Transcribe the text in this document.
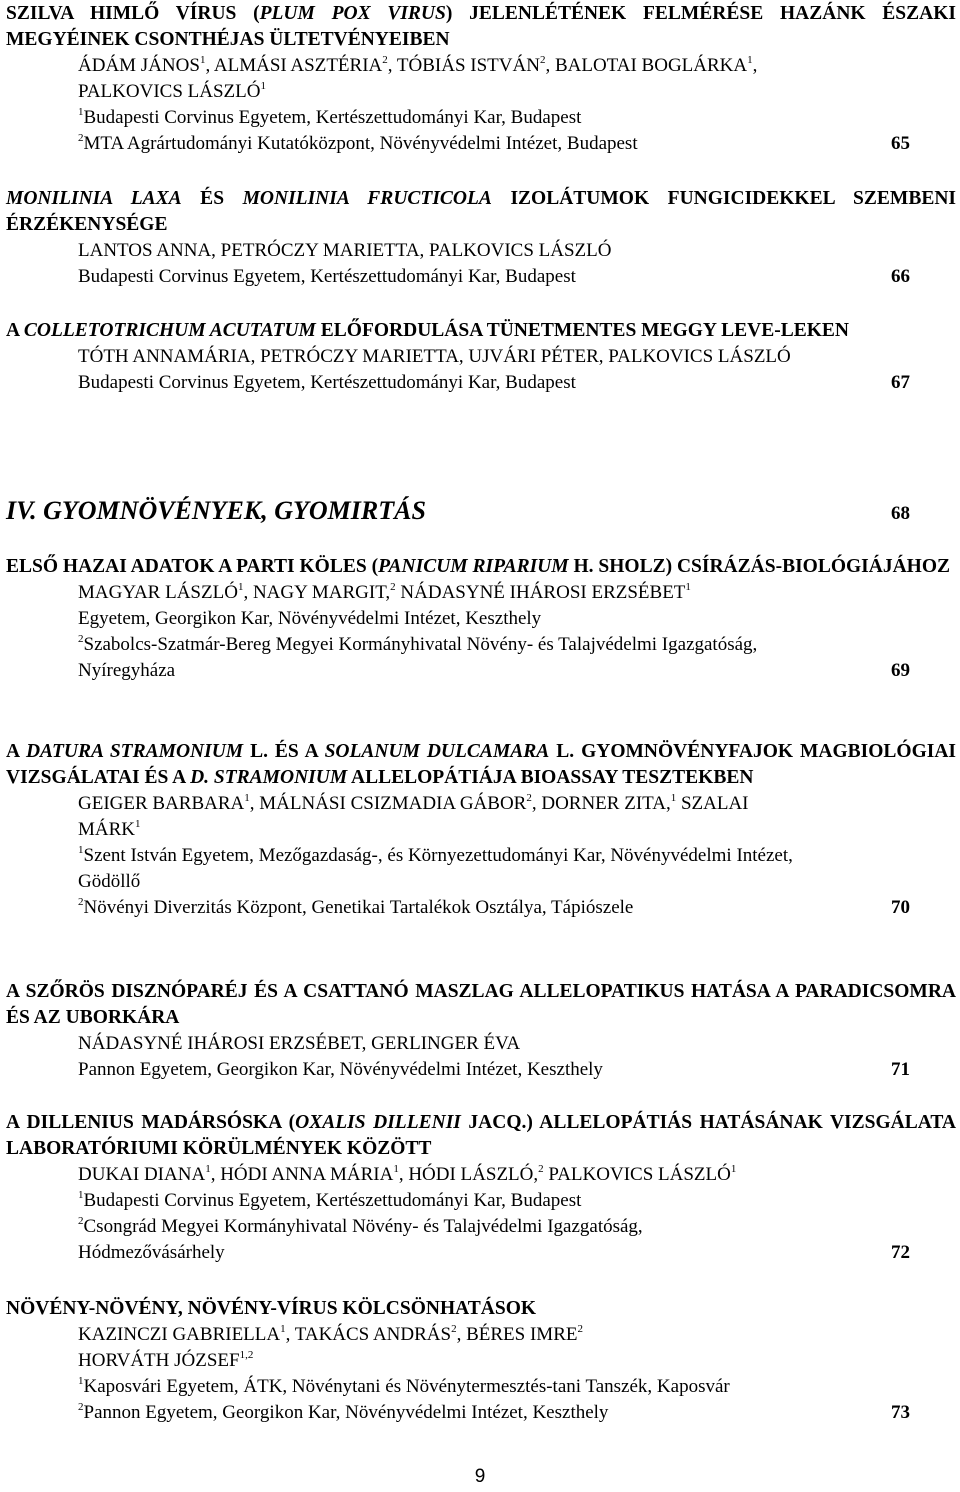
SZILVA HIMLŐ VÍRUS (PLUM POX VIRUS) JELENLÉTÉNEK FELMÉRÉSE HAZÁNK ÉSZAKI MEGYÉINEK CSONTHÉJAS ÜLTETVÉNYEIBEN
ÁDÁM JÁNOS$^1$, ALMÁSI ASZTÉRIA$^2$, TÓBIÁS ISTVÁN$^2$, BALOTAI BOGLÁRKA$^1$,
PALKOVICS LÁSZLÓ$^1$
$^1$Budapesti Corvinus Egyetem, Kertészettudományi Kar, Budapest
$^2$MTA Agrártudományi Kutatóközpont, Növényvédelmi Intézet, Budapest	65
MONILINIA LAXA ÉS MONILINIA FRUCTICOLA IZOLÁTUMOK FUNGICIDEKKEL SZEMBENI ÉRZÉKENYSÉGE
LANTOS ANNA, PETRÓCZY MARIETTA, PALKOVICS LÁSZLÓ
Budapesti Corvinus Egyetem, Kertészettudományi Kar, Budapest	66
A COLLETOTRICHUM ACUTATUM ELŐFORDULÁSA TÜNETMENTES MEGGY LEVE-LEKEN
TÓTH ANNAMÁRIA, PETRÓCZY MARIETTA, UJVÁRI PÉTER, PALKOVICS LÁSZLÓ
Budapesti Corvinus Egyetem, Kertészettudományi Kar, Budapest	67
IV. GYOMNÖVÉNYEK, GYOMIRTÁS	68
ELSŐ HAZAI ADATOK A PARTI KÖLES (PANICUM RIPARIUM H. SHOLZ) CSÍRÁZÁS-BIOLÓGIÁJÁHOZ
MAGYAR LÁSZLÓ$^1$, NAGY MARGIT,$^2$ NÁDASYNÉ IHÁROSI ERZSÉBET$^1$
Egyetem, Georgikon Kar, Növényvédelmi Intézet, Keszthely
$^2$Szabolcs-Szatmár-Bereg Megyei Kormányhivatal Növény- és Talajvédelmi Igazgatóság,
Nyíregyháza	69
A DATURA STRAMONIUM L. ÉS A SOLANUM DULCAMARA L. GYOMNÖVÉNYFAJOK MAGBIOLÓGIAI VIZSGÁLATAI ÉS A D. STRAMONIUM ALLELOPÁTIÁJA BIOASSAY TESZTEKBEN
GEIGER BARBARA$^1$, MÁLNÁSI CSIZMADIA GÁBOR$^2$, DORNER ZITA,$^1$ SZALAI
MÁRK$^1$
$^1$Szent István Egyetem, Mezőgazdaság-, és Környezettudományi Kar, Növényvédelmi Intézet,
Gödöllő
$^2$Növényi Diverzitás Központ, Genetikai Tartalékok Osztálya, Tápiószele	70
A SZŐRÖS DISZNÓPARÉJ ÉS A CSATTANÓ MASZLAG ALLELOPATIKUS HATÁSA A PARADICSOMRA ÉS AZ UBORKÁRA
NÁDASYNÉ IHÁROSI ERZSÉBET, GERLINGER ÉVA
Pannon Egyetem, Georgikon Kar, Növényvédelmi Intézet, Keszthely	71
A DILLENIUS MADÁRSÓSKA (OXALIS DILLENII JACQ.) ALLELOPÁTIÁS HATÁSÁNAK VIZSGÁLATA LABORATÓRIUMI KÖRÜLMÉNYEK KÖZÖTT
DUKAI DIANA$^1$, HÓDI ANNA MÁRIA$^1$, HÓDI LÁSZLÓ,$^2$ PALKOVICS LÁSZLÓ$^1$
$^1$Budapesti Corvinus Egyetem, Kertészettudományi Kar, Budapest
$^2$Csongrád Megyei Kormányhivatal Növény- és Talajvédelmi Igazgatóság,
Hódmezővásárhely	72
NÖVÉNY-NÖVÉNY, NÖVÉNY-VÍRUS KÖLCSÖNHATÁSOK
KAZINCZI GABRIELLA$^1$, TAKÁCS ANDRÁS$^2$, BÉRES IMRE$^2$
HORVÁTH JÓZSEF$^{1,2}$
$^1$Kaposvári Egyetem, ÁTK, Növénytani és Növénytermesztés-tani Tanszék, Kaposvár
$^2$Pannon Egyetem, Georgikon Kar, Növényvédelmi Intézet, Keszthely	73
9
